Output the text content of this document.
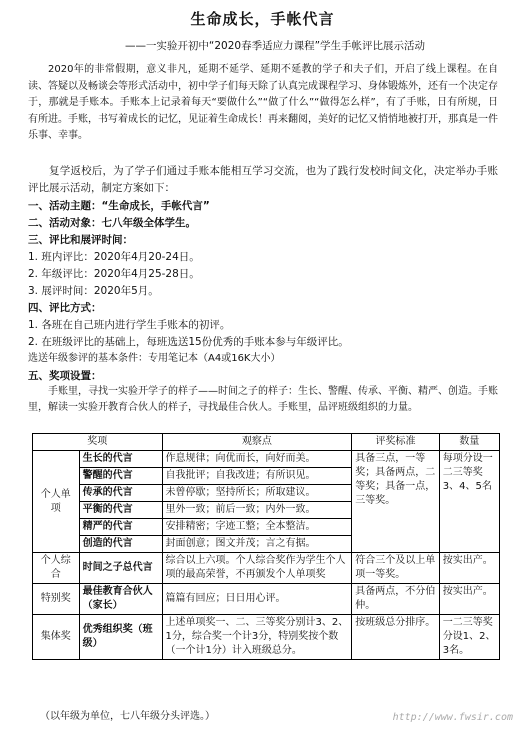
生命成长，手帐代言
——一实验开初中“2020春季适应力课程”学生手帐评比展示活动
2020年的非常假期，意义非凡，延期不延学、延期不延教的学子和夫子们，开启了线上课程。在自读、答疑以及畅谈会等形式活动中，初中学子们每天除了认真完成课程学习、身体锻炼外，还有一个决定存于，那就是手账本。手账本上记录着每天“要做什么”“做了什么”“做得怎么样”，有了手账，日有所规，日有所进。手账，书写着成长的记忆，见证着生命成长！再来翻阅，美好的记忆又悄悄地被打开，那真是一件乐事、幸事。
复学返校后，为了学子们通过手账本能相互学习交流，也为了践行发校时间文化，决定举办手账评比展示活动，制定方案如下：
一、活动主题：“生命成长，手帐代言”
二、活动对象：七八年级全体学生。
三、评比和展评时间：
1. 班内评比：2020年4月20-24日。
2. 年级评比：2020年4月25-28日。
3. 展评时间：2020年5月。
四、评比方式：
1. 各班在自己班内进行学生手账本的初评。
2. 在班级评比的基础上，每班选送15份优秀的手账本参与年级评比。
选送年级参评的基本条件：专用笔记本（A4或16K大小）
五、奖项设置：
手账里，寻找一实验开学子的样子——时间之子的样子：生长、警醒、传承、平衡、精严、创造。手账里，解读一实验开教育合伙人的样子，寻找最佳合伙人。手账里，品评班级组织的力量。
奖项		观察点	评奖标准	数量
个人单项	生长的代言	作息规律；向优而长，向好而美。	具备三点，一等奖；具备两点，二等奖；具备一点，三等奖。	每项分设一二三等奖3、4、5名
	警醒的代言	自我批评；自我改进；有所识见。		
	传承的代言	未曾停歇；坚持所长；所取建议。		
	平衡的代言	里外一致；前后一致；内外一致。		
	精严的代言	安排精密；字迹工整；全本整洁。		
	创造的代言	封面创意；图文并茂；言之有据。		
个人综合	时间之子总代言	综合以上六项。个人综合奖作为学生个人项的最高荣誉，不再颁发个人单项奖	符合三个及以上单项一等奖。	按实出产。
特别奖	最佳教育合伙人（家长）	篇篇有回应；日日用心评。	具备两点，不分伯仲。	按实出产。
集体奖	优秀组织奖（班级）	上述单项奖一、二、三等奖分别计3、2、1分，综合奖一个计3分，特别奖按个数（一个计1分）计入班级总分。	按班级总分排序。	一二三等奖分设1、2、3名。
（以年级为单位，七八年级分头评选。）	http://www.fwsir.com
